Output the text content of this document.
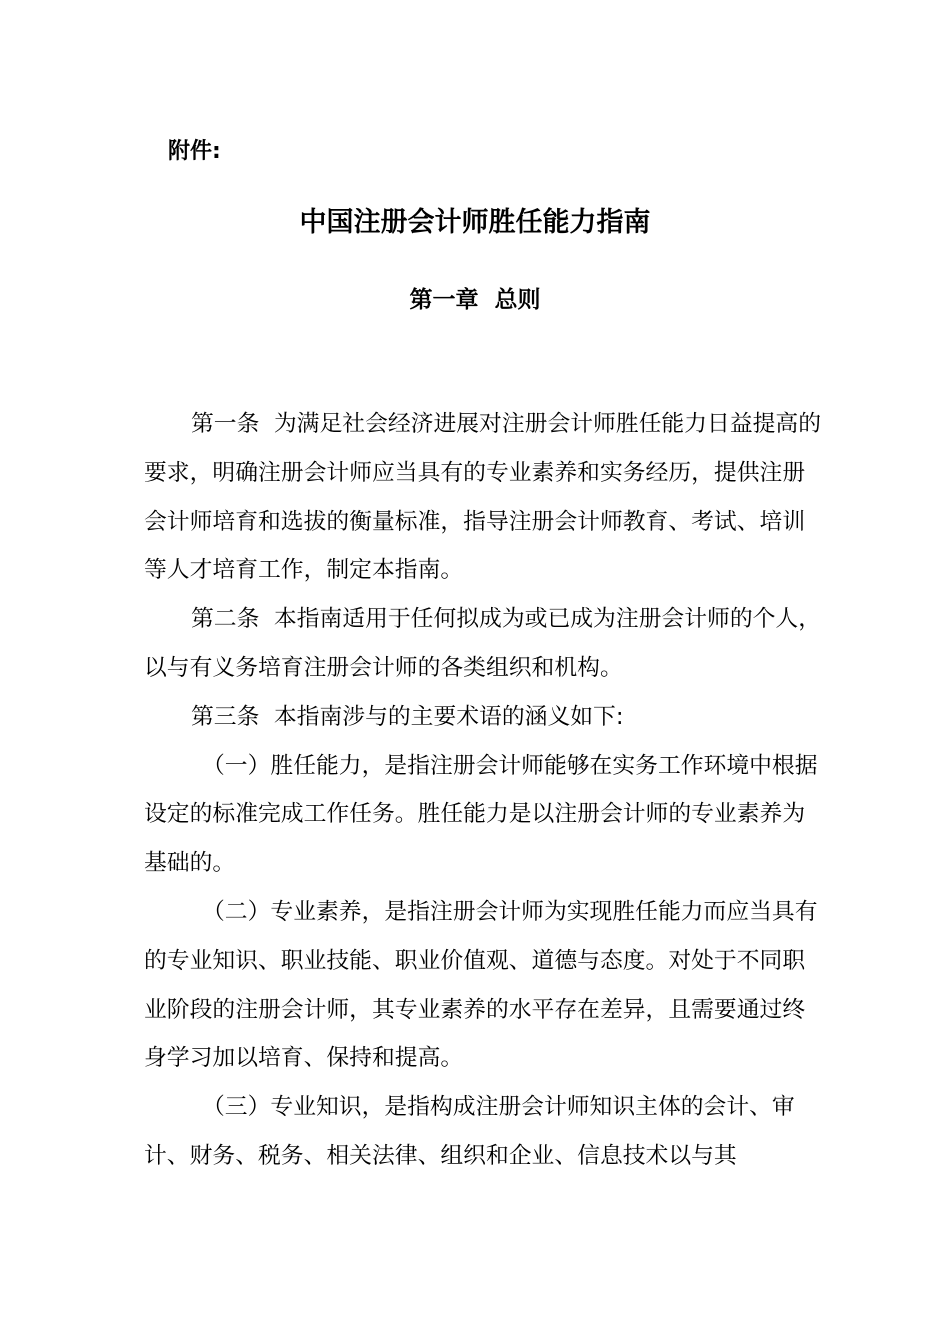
附件:
中国注册会计师胜任能力指南
第一章  总则

第一条  为满足社会经济进展对注册会计师胜任能力日益提高的要求，明确注册会计师应当具有的专业素养和实务经历，提供注册会计师培育和选拔的衡量标准，指导注册会计师教育、考试、培训等人才培育工作，制定本指南。

第二条  本指南适用于任何拟成为或已成为注册会计师的个人，以与有义务培育注册会计师的各类组织和机构。

第三条  本指南涉与的主要术语的涵义如下:

（一）胜任能力，是指注册会计师能够在实务工作环境中根据设定的标准完成工作任务。胜任能力是以注册会计师的专业素养为基础的。

（二）专业素养，是指注册会计师为实现胜任能力而应当具有的专业知识、职业技能、职业价值观、道德与态度。对处于不同职业阶段的注册会计师，其专业素养的水平存在差异，且需要通过终身学习加以培育、保持和提高。

（三）专业知识，是指构成注册会计师知识主体的会计、审计、财务、税务、相关法律、组织和企业、信息技术以与其
